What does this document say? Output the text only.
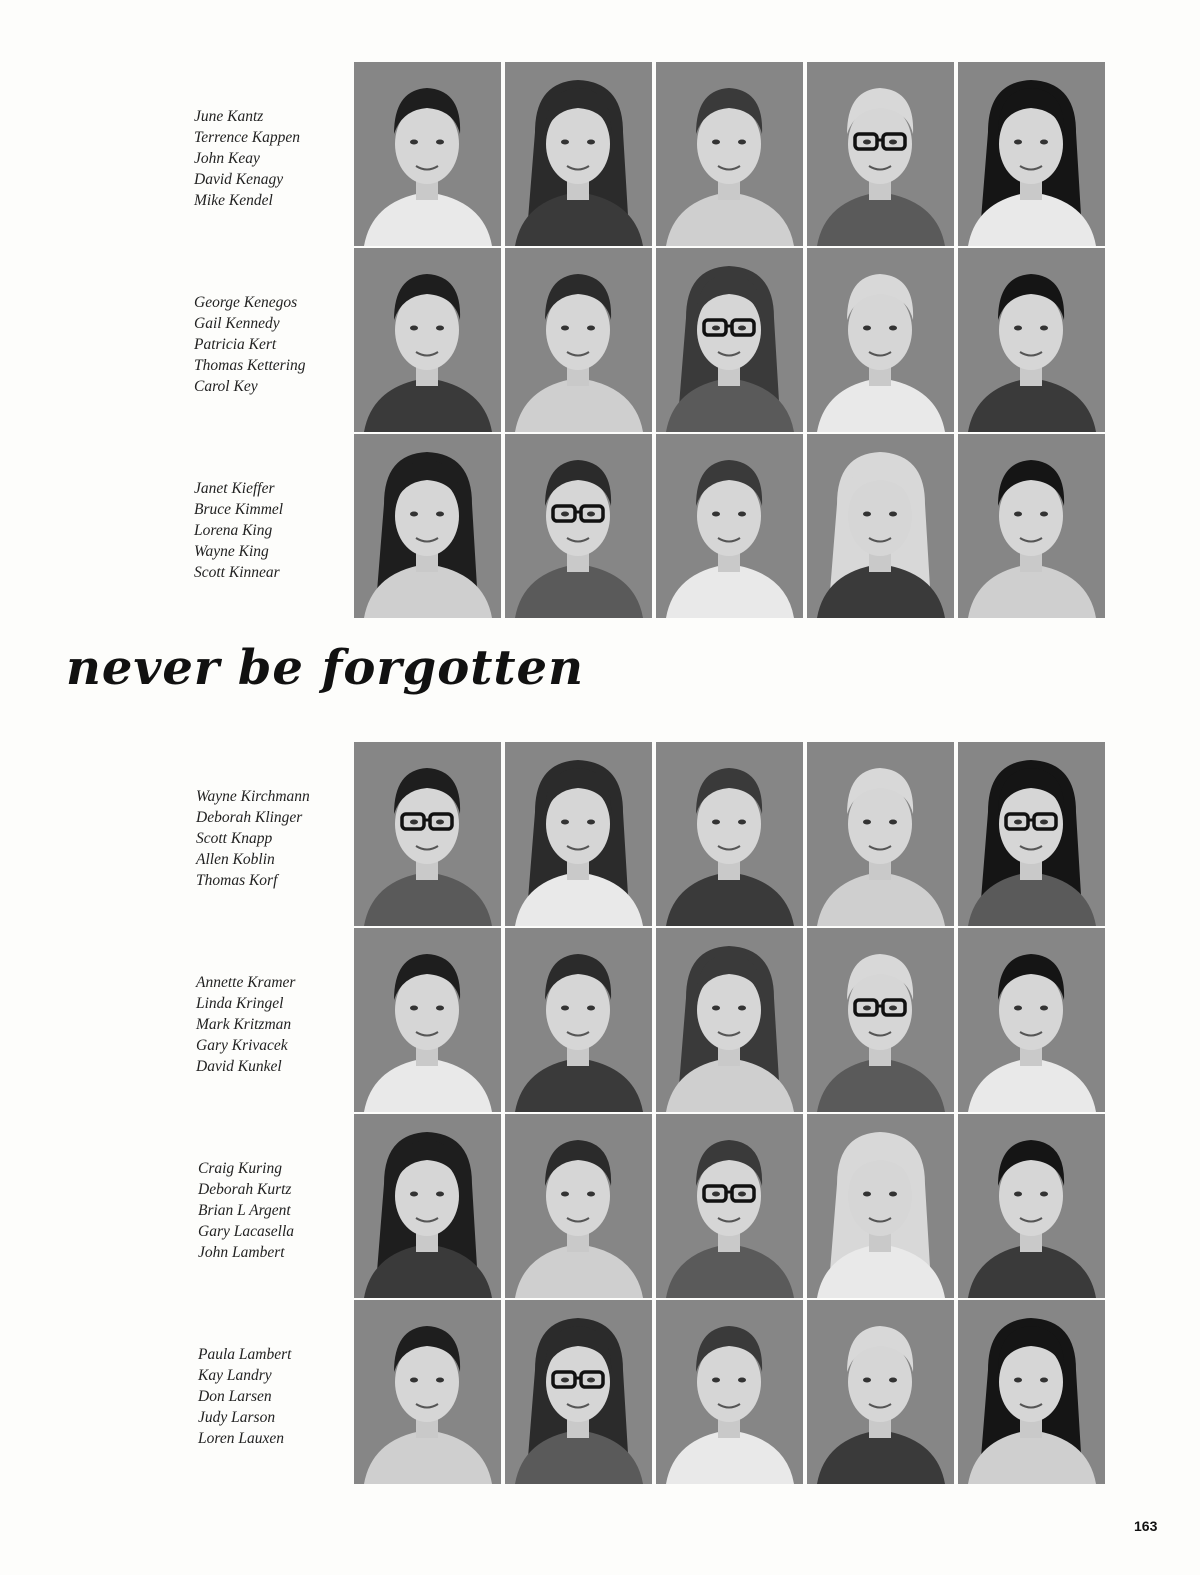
never be forgotten
163
June Kantz
Terrence Kappen
John Keay
David Kenagy
Mike Kendel
George Kenegos
Gail Kennedy
Patricia Kert
Thomas Kettering
Carol Key
Janet Kieffer
Bruce Kimmel
Lorena King
Wayne King
Scott Kinnear
Wayne Kirchmann
Deborah Klinger
Scott Knapp
Allen Koblin
Thomas Korf
Annette Kramer
Linda Kringel
Mark Kritzman
Gary Krivacek
David Kunkel
Craig Kuring
Deborah Kurtz
Brian L Argent
Gary Lacasella
John Lambert
Paula Lambert
Kay Landry
Don Larsen
Judy Larson
Loren Lauxen
